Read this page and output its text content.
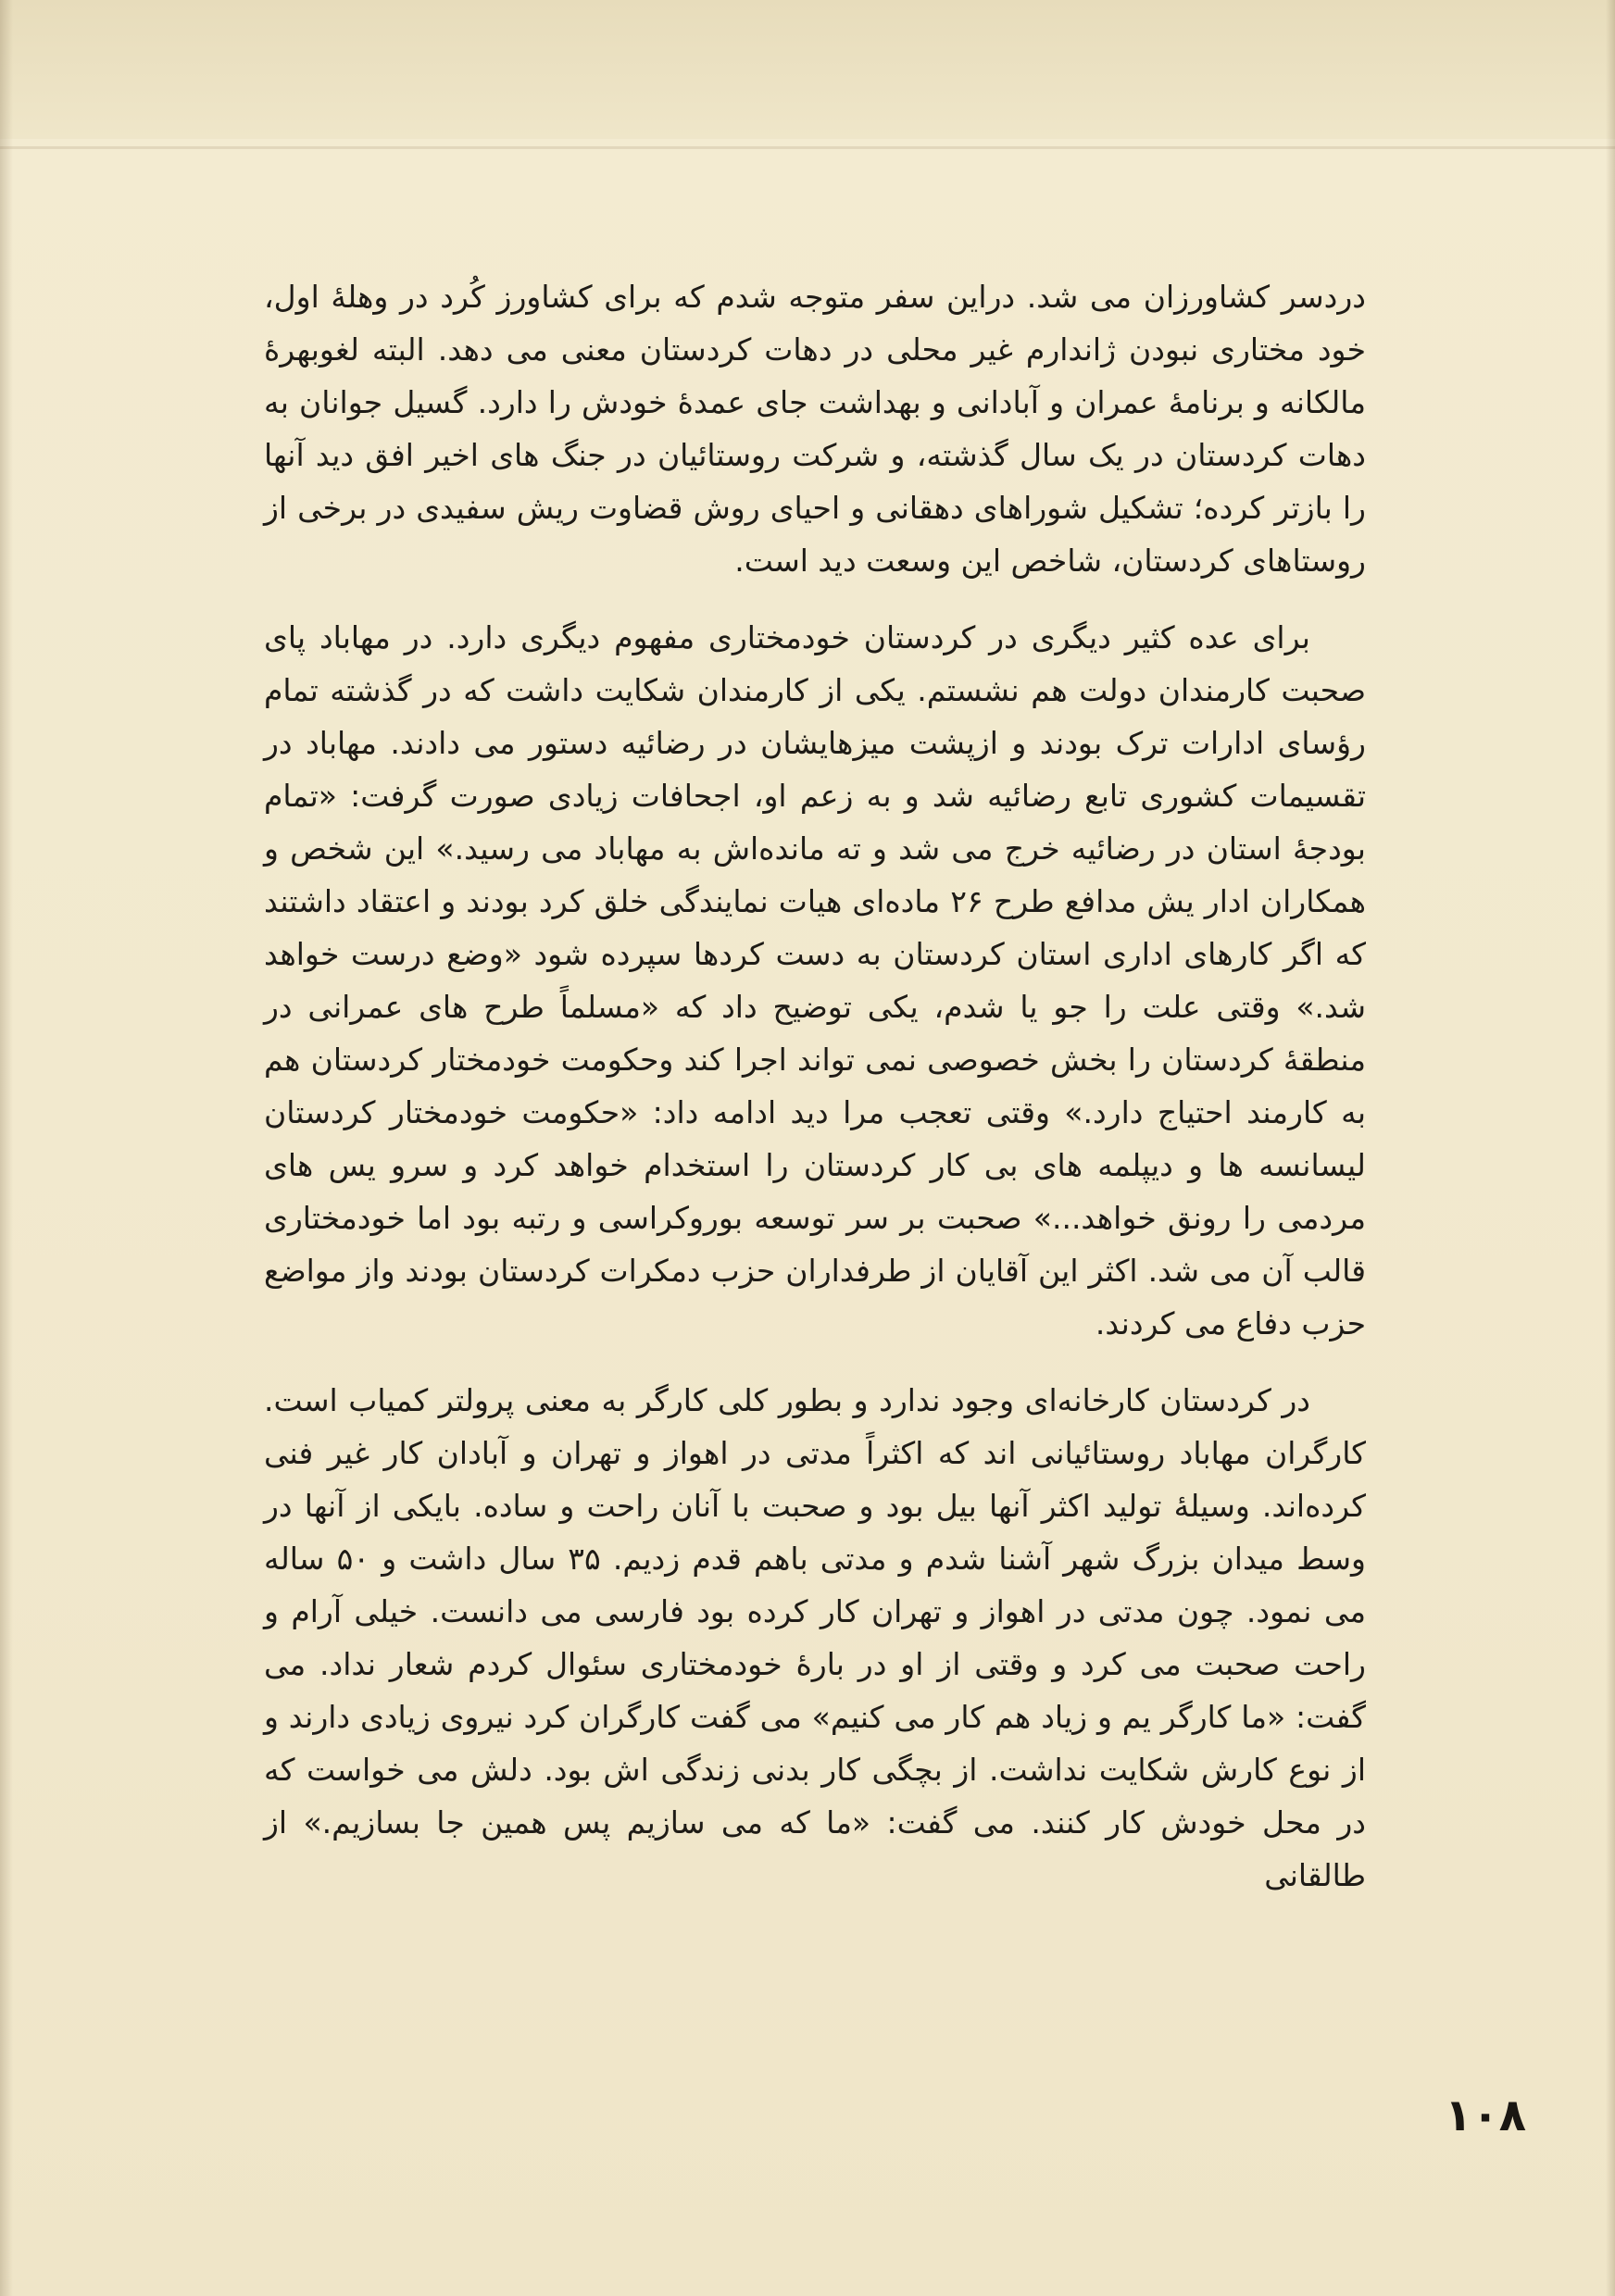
دردسر کشاورزان می شد. دراین سفر متوجه شدم که برای کشاورز کُرد در وهلهٔ اول، خود مختاری نبودن ژاندارم غیر محلی در دهات کردستان معنی می دهد. البته لغوبهرهٔ مالکانه و برنامهٔ عمران و آبادانی و بهداشت جای عمدهٔ خودش را دارد. گسیل جوانان به دهات کردستان در یک سال گذشته، و شرکت روستائیان در جنگ های اخیر افق دید آنها را بازتر کرده؛ تشکیل شوراهای دهقانی و احیای روش قضاوت ریش سفیدی در برخی از روستاهای کردستان، شاخص این وسعت دید است.

برای عده کثیر دیگری در کردستان خودمختاری مفهوم دیگری دارد. در مهاباد پای صحبت کارمندان دولت هم نشستم. یکی از کارمندان شکایت داشت که در گذشته تمام رؤسای ادارات ترک بودند و ازپشت میزهایشان در رضائیه دستور می دادند. مهاباد در تقسیمات کشوری تابع رضائیه شد و به زعم او، اجحافات زیادی صورت گرفت: «تمام بودجهٔ استان در رضائیه خرج می شد و ته مانده‌اش به مهاباد می رسید.» این شخص و همکاران ادار یش مدافع طرح ۲۶ ماده‌ای هیات نمایندگی خلق کرد بودند و اعتقاد داشتند که اگر کارهای اداری استان کردستان به دست کردها سپرده شود «وضع درست خواهد شد.» وقتی علت را جو یا شدم، یکی توضیح داد که «مسلماً طرح های عمرانی در منطقهٔ کردستان را بخش خصوصی نمی تواند اجرا کند وحکومت خودمختار کردستان هم به کارمند احتیاج دارد.» وقتی تعجب مرا دید ادامه داد: «حکومت خودمختار کردستان لیسانسه ها و دیپلمه های بی کار کردستان را استخدام خواهد کرد و سرو یس های مردمی را رونق خواهد...» صحبت بر سر توسعه بوروکراسی و رتبه بود اما خودمختاری قالب آن می شد. اکثر این آقایان از طرفداران حزب دمکرات کردستان بودند واز مواضع حزب دفاع می کردند.

در کردستان کارخانه‌ای وجود ندارد و بطور کلی کارگر به معنی پرولتر کمیاب است. کارگران مهاباد روستائیانی اند که اکثراً مدتی در اهواز و تهران و آبادان کار غیر فنی کرده‌اند. وسیلهٔ تولید اکثر آنها بیل بود و صحبت با آنان راحت و ساده. بایکی از آنها در وسط میدان بزرگ شهر آشنا شدم و مدتی باهم قدم زدیم. ۳۵ سال داشت و ۵۰ ساله می نمود. چون مدتی در اهواز و تهران کار کرده بود فارسی می دانست. خیلی آرام و راحت صحبت می کرد و وقتی از او در بارهٔ خودمختاری سئوال کردم شعار نداد. می گفت: «ما کارگر یم و زیاد هم کار می کنیم» می گفت کارگران کرد نیروی زیادی دارند و از نوع کارش شکایت نداشت. از بچگی کار بدنی زندگی اش بود. دلش می خواست که در محل خودش کار کنند. می گفت: «ما که می سازیم پس همین جا بسازیم.» از طالقانی

۱۰۸
